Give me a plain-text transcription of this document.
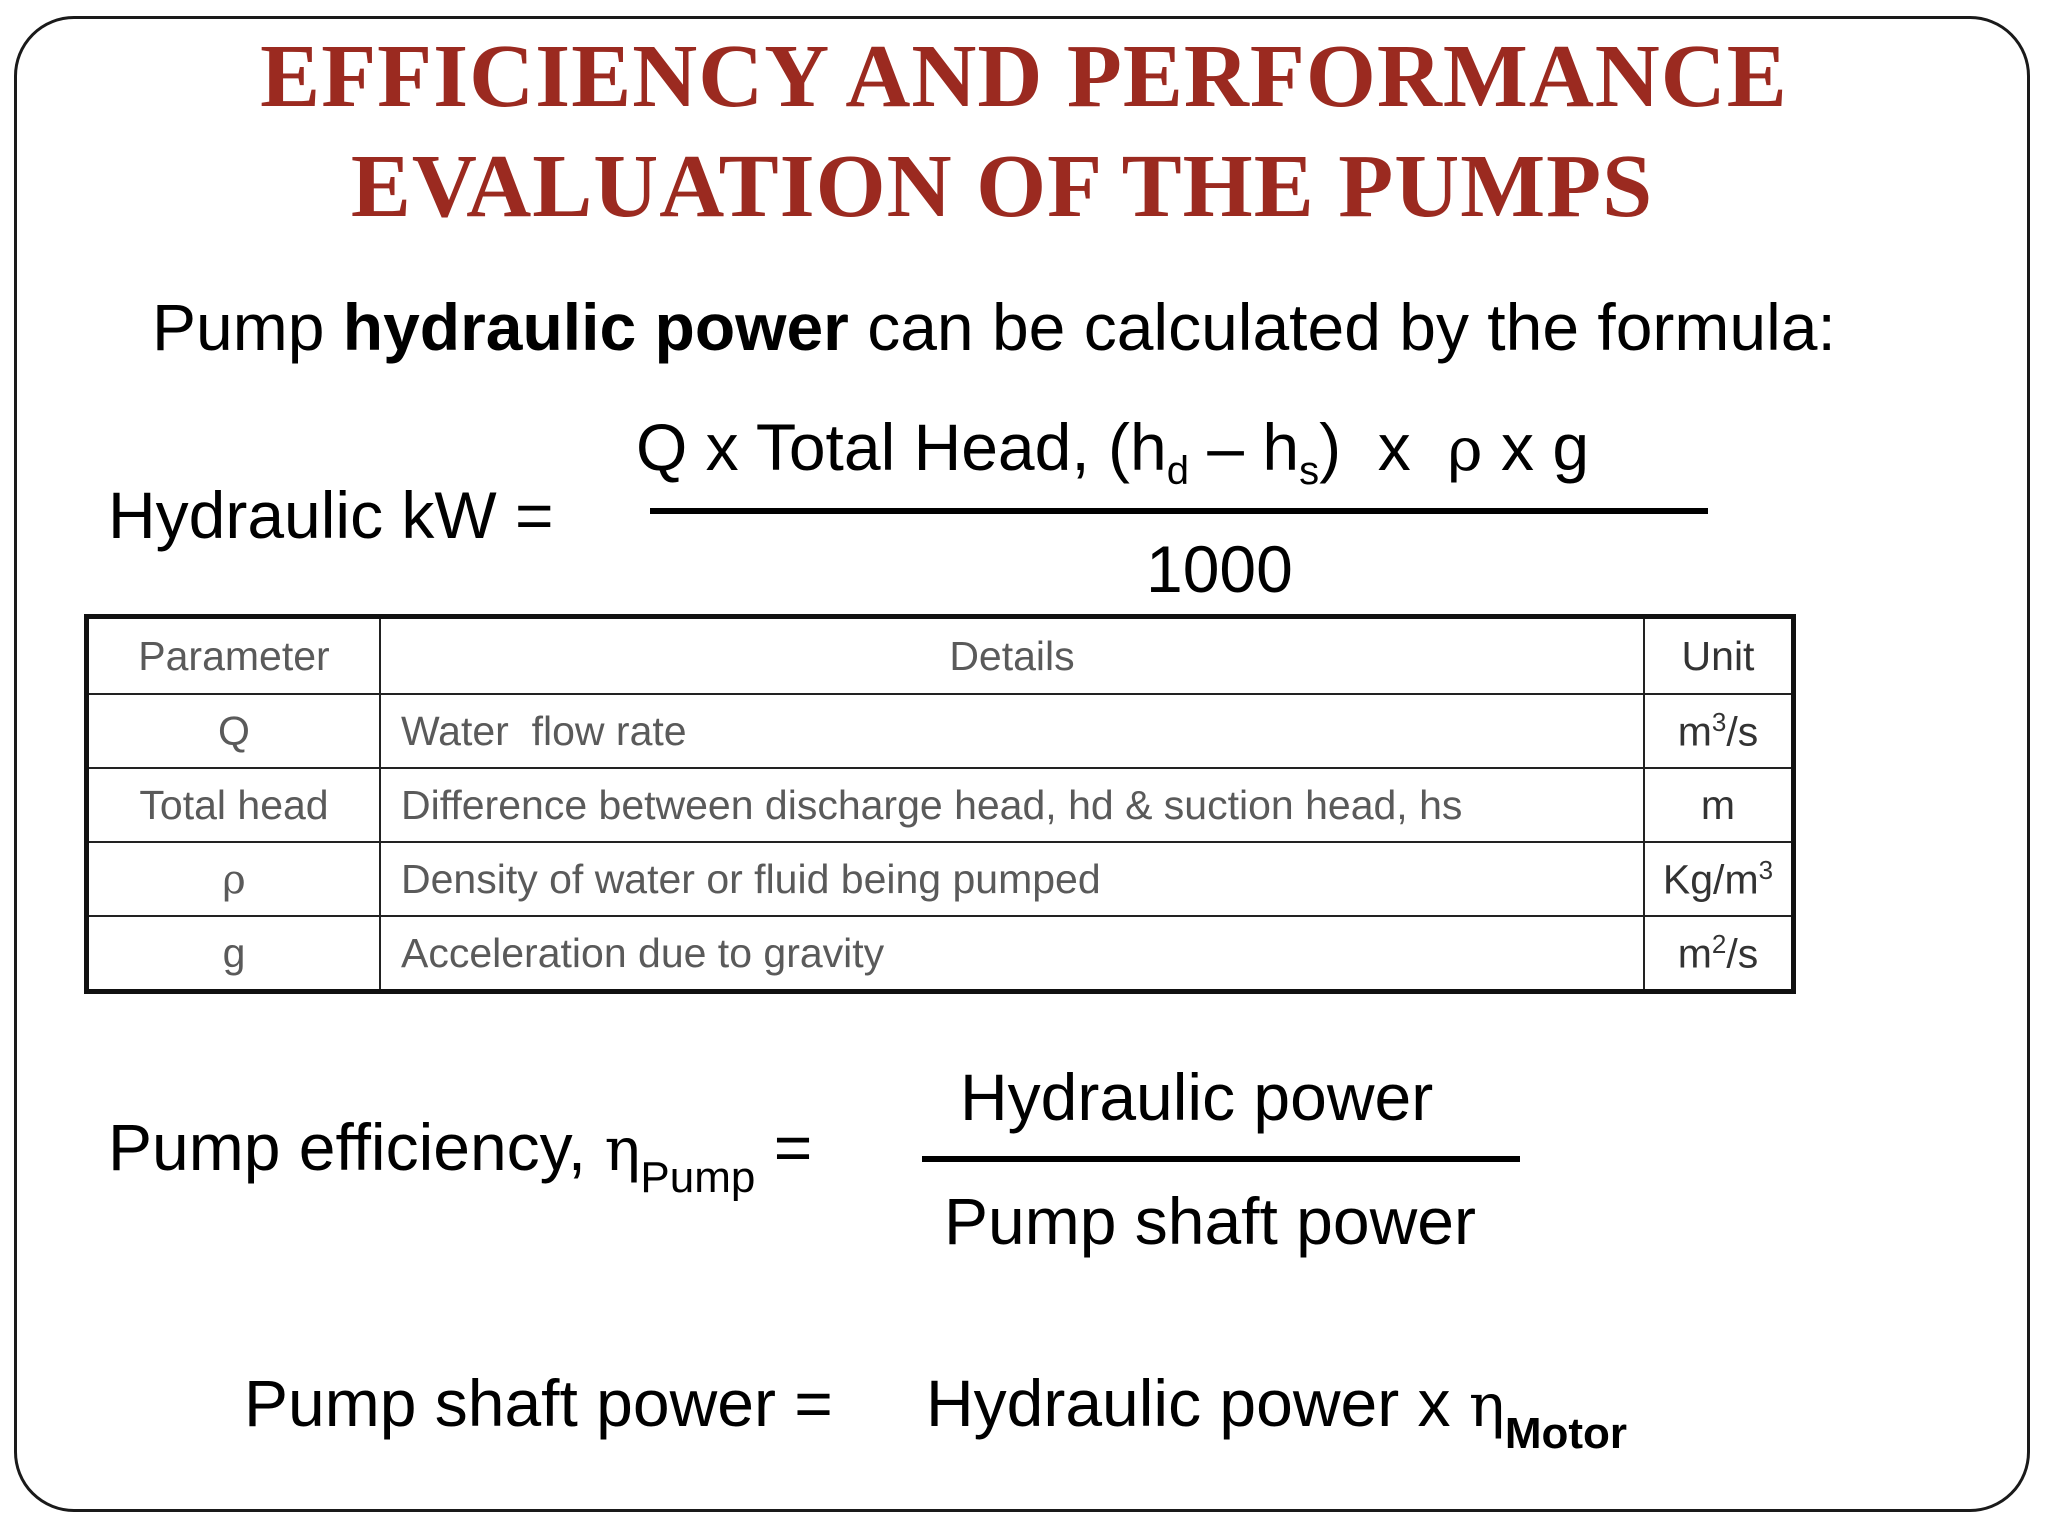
EFFICIENCY AND PERFORMANCE
EVALUATION OF THE PUMPS
Pump hydraulic power can be calculated by the formula:
Hydraulic kW =
Q x Total Head, $(h_d - h_s)$  x  ρ x g
1000
Parameter	Details	Unit
Q	Water  flow rate	$m^3/s$
Total head	Difference between discharge head, hd & suction head, hs	m
ρ	Density of water or fluid being pumped	$Kg/m^3$
g	Acceleration due to gravity	$m^2/s$
Pump efficiency, $\eta_{Pump}$ =
Hydraulic power
Pump shaft power
Pump shaft power = Hydraulic power x $\eta_{Motor}$
